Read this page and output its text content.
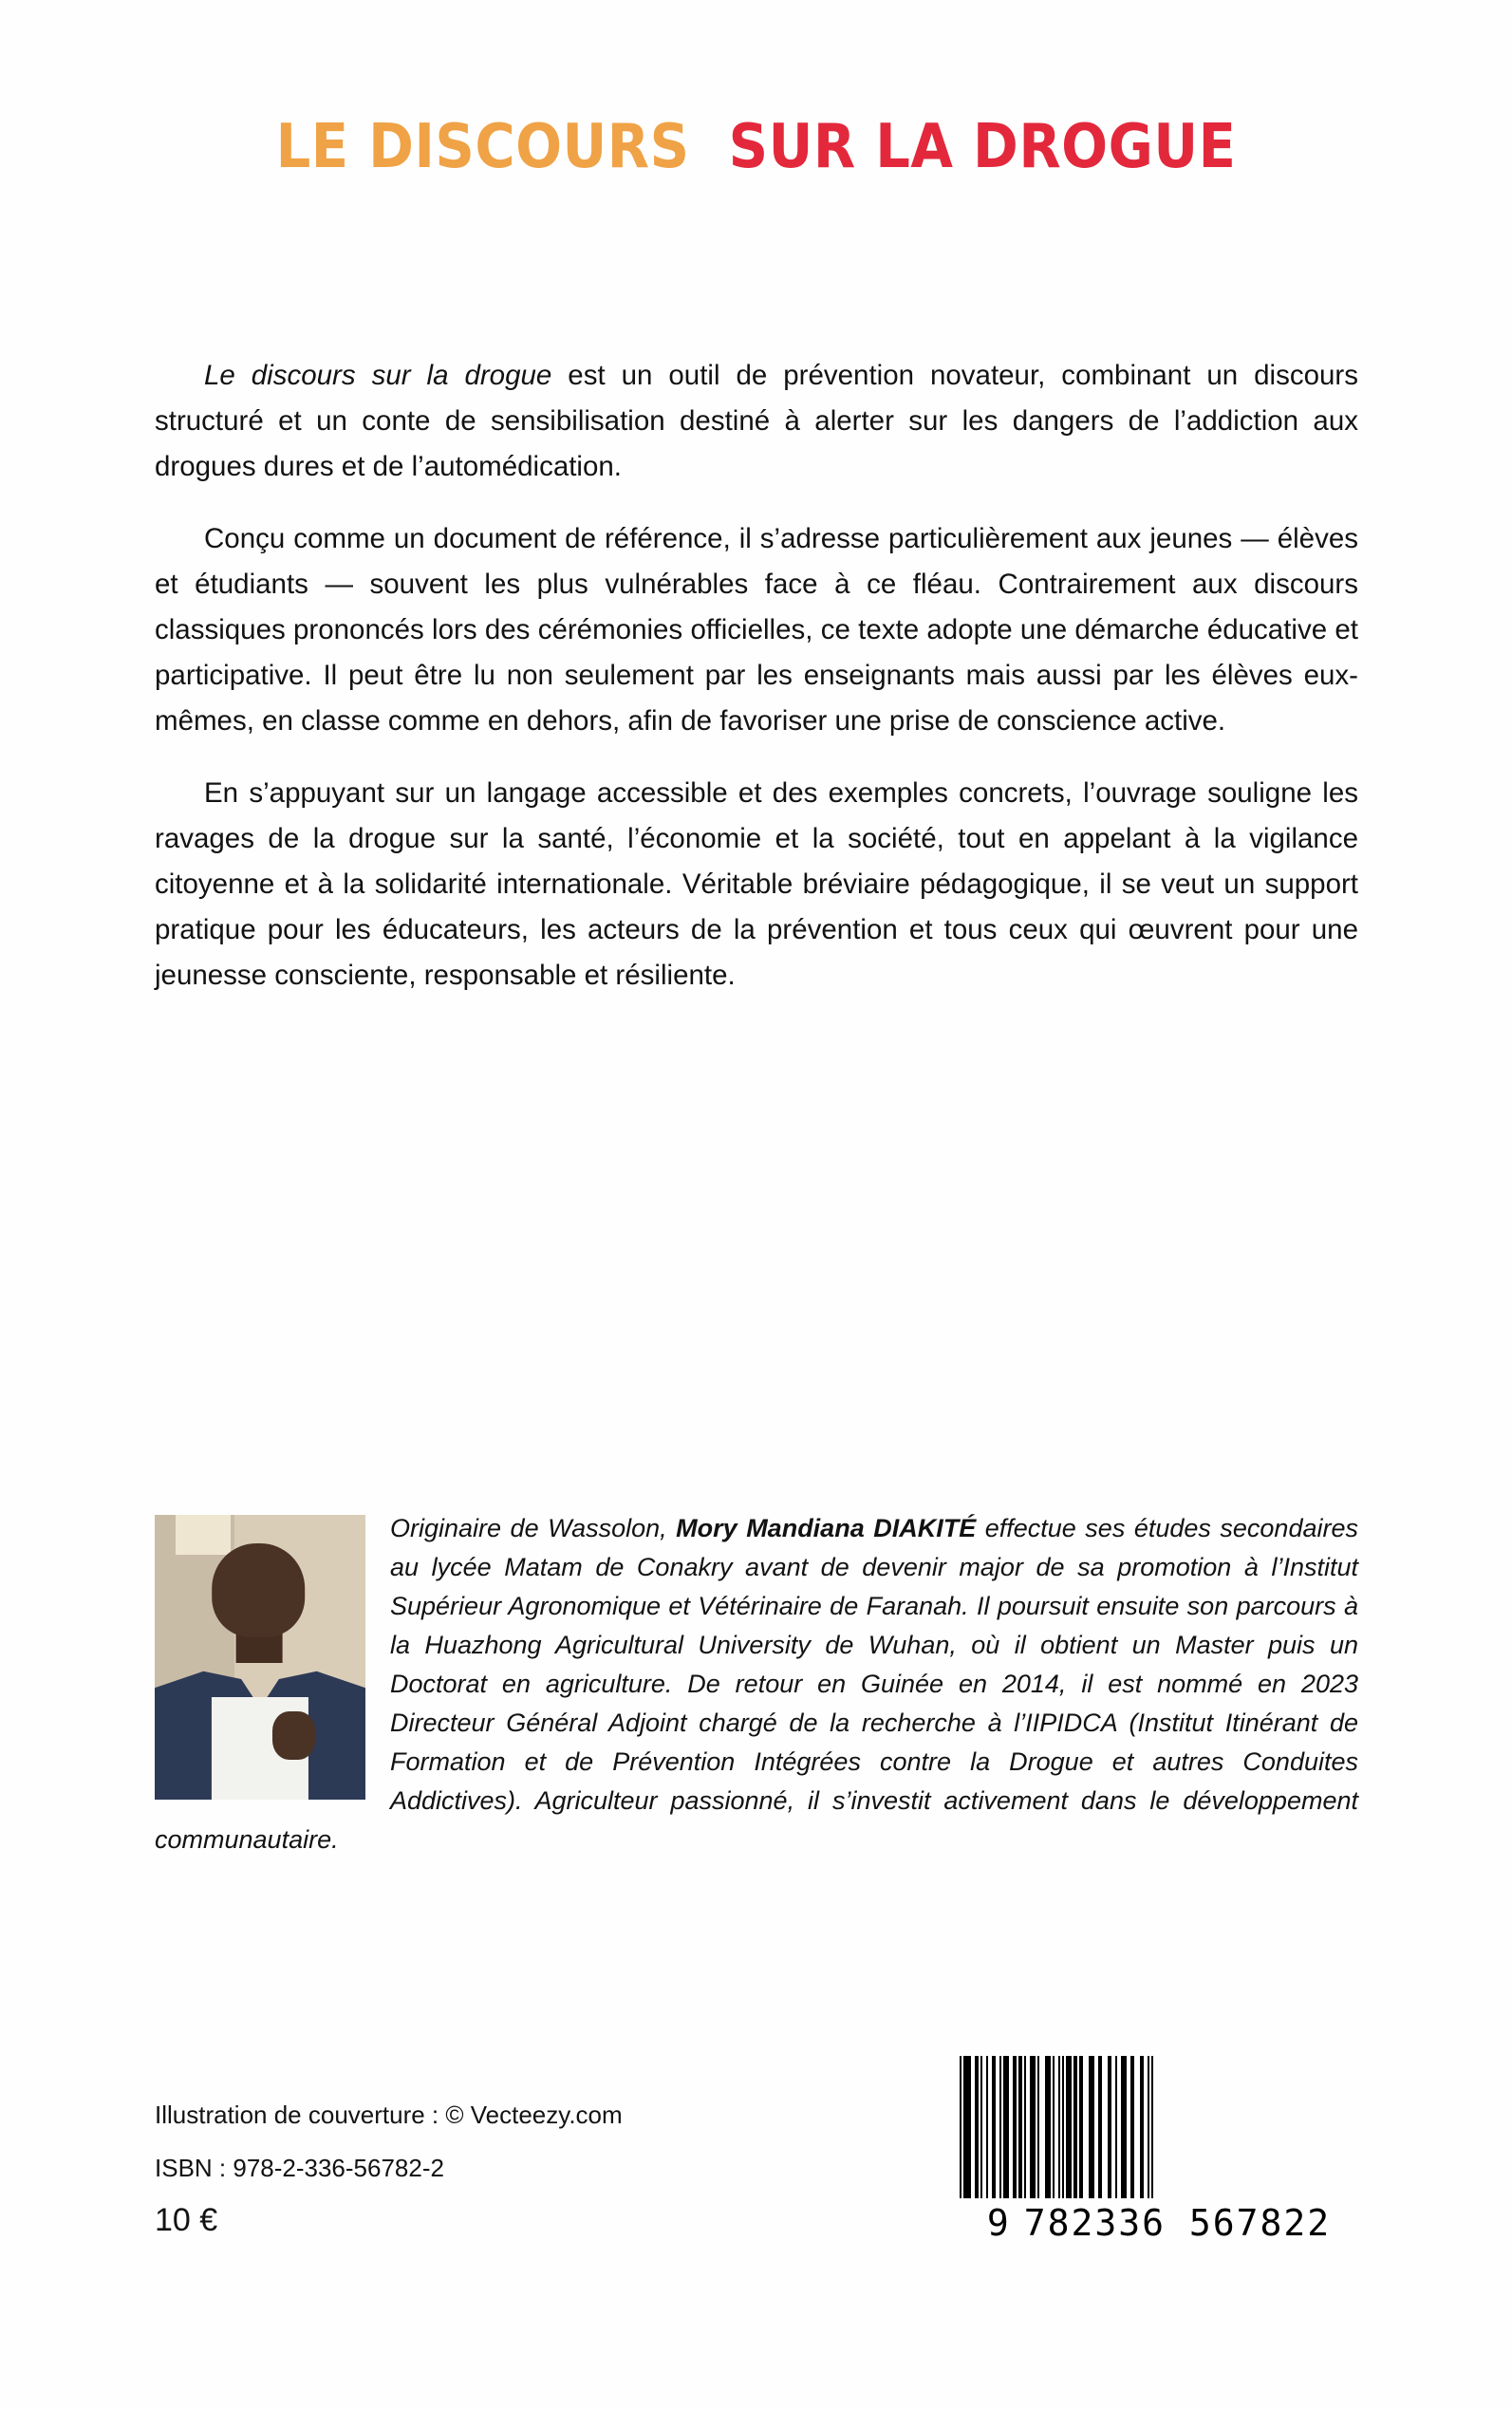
LE DISCOURS SUR LA DROGUE

Le discours sur la drogue est un outil de prévention novateur, combinant un discours structuré et un conte de sensibilisation destiné à alerter sur les dangers de l’addiction aux drogues dures et de l’automédication.

Conçu comme un document de référence, il s’adresse particulièrement aux jeunes — élèves et étudiants — souvent les plus vulnérables face à ce fléau. Contrairement aux discours classiques prononcés lors des cérémonies officielles, ce texte adopte une démarche éducative et participative. Il peut être lu non seulement par les enseignants mais aussi par les élèves eux-mêmes, en classe comme en dehors, afin de favoriser une prise de conscience active.

En s’appuyant sur un langage accessible et des exemples concrets, l’ouvrage souligne les ravages de la drogue sur la santé, l’économie et la société, tout en appelant à la vigilance citoyenne et à la solidarité internationale. Véritable bréviaire pédagogique, il se veut un support pratique pour les éducateurs, les acteurs de la prévention et tous ceux qui œuvrent pour une jeunesse consciente, responsable et résiliente.

Originaire de Wassolon, Mory Mandiana DIAKITÉ effectue ses études secondaires au lycée Matam de Conakry avant de devenir major de sa promotion à l’Institut Supérieur Agronomique et Vétérinaire de Faranah. Il poursuit ensuite son parcours à la Huazhong Agricultural University de Wuhan, où il obtient un Master puis un Doctorat en agriculture. De retour en Guinée en 2014, il est nommé en 2023 Directeur Général Adjoint chargé de la recherche à l’IIPIDCA (Institut Itinérant de Formation et de Prévention Intégrées contre la Drogue et autres Conduites Addictives). Agriculteur passionné, il s’investit activement dans le développement communautaire.
Illustration de couverture : © Vecteezy.com
ISBN : 978-2-336-56782-2
10 €	9 782336 567822
